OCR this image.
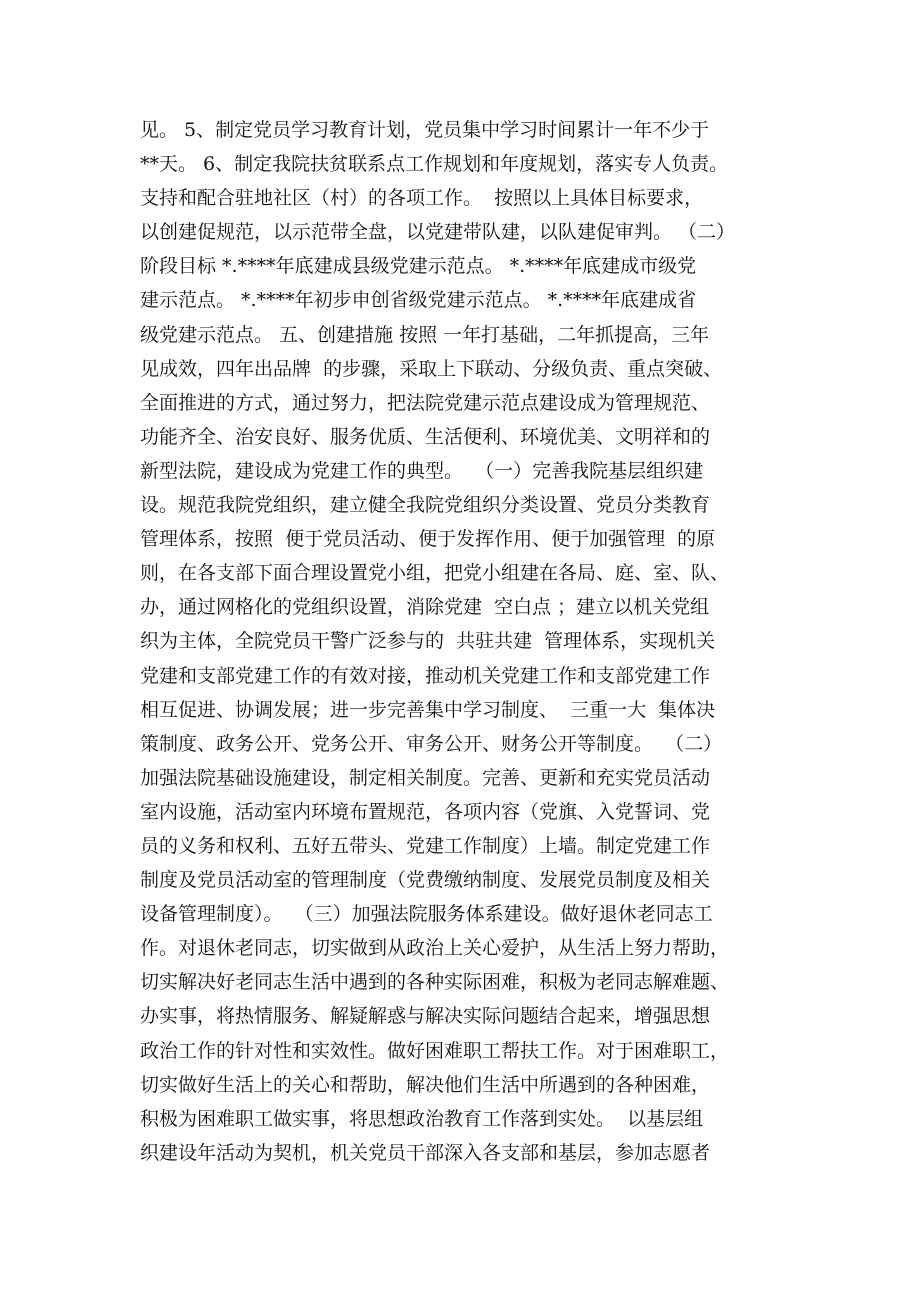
见。 5、制定党员学习教育计划，党员集中学习时间累计一年不少于
**天。 6、制定我院扶贫联系点工作规划和年度规划，落实专人负责。
支持和配合驻地社区（村）的各项工作。  按照以上具体目标要求，
以创建促规范，以示范带全盘，以党建带队建，以队建促审判。 （二）
阶段目标 *.****年底建成县级党建示范点。 *.****年底建成市级党
建示范点。 *.****年初步申创省级党建示范点。 *.****年底建成省
级党建示范点。 五、创建措施 按照 一年打基础，二年抓提高，三年
见成效，四年出品牌  的步骤，采取上下联动、分级负责、重点突破、
全面推进的方式，通过努力，把法院党建示范点建设成为管理规范、
功能齐全、治安良好、服务优质、生活便利、环境优美、文明祥和的
新型法院，建设成为党建工作的典型。  （一）完善我院基层组织建
设。规范我院党组织，建立健全我院党组织分类设置、党员分类教育
管理体系，按照  便于党员活动、便于发挥作用、便于加强管理  的原
则，在各支部下面合理设置党小组，把党小组建在各局、庭、室、队、
办，通过网格化的党组织设置，消除党建  空白点 ；建立以机关党组
织为主体，全院党员干警广泛参与的  共驻共建  管理体系，实现机关
党建和支部党建工作的有效对接，推动机关党建工作和支部党建工作
相互促进、协调发展；进一步完善集中学习制度、  三重一大  集体决
策制度、政务公开、党务公开、审务公开、财务公开等制度。  （二）
加强法院基础设施建设，制定相关制度。完善、更新和充实党员活动
室内设施，活动室内环境布置规范，各项内容（党旗、入党誓词、党
员的义务和权利、五好五带头、党建工作制度）上墙。制定党建工作
制度及党员活动室的管理制度（党费缴纳制度、发展党员制度及相关
设备管理制度）。  （三）加强法院服务体系建设。做好退休老同志工
作。对退休老同志，切实做到从政治上关心爱护，从生活上努力帮助，
切实解决好老同志生活中遇到的各种实际困难，积极为老同志解难题、
办实事，将热情服务、解疑解惑与解决实际问题结合起来，增强思想
政治工作的针对性和实效性。做好困难职工帮扶工作。对于困难职工，
切实做好生活上的关心和帮助，解决他们生活中所遇到的各种困难，
积极为困难职工做实事，将思想政治教育工作落到实处。  以基层组
织建设年活动为契机，机关党员干部深入各支部和基层，参加志愿者
